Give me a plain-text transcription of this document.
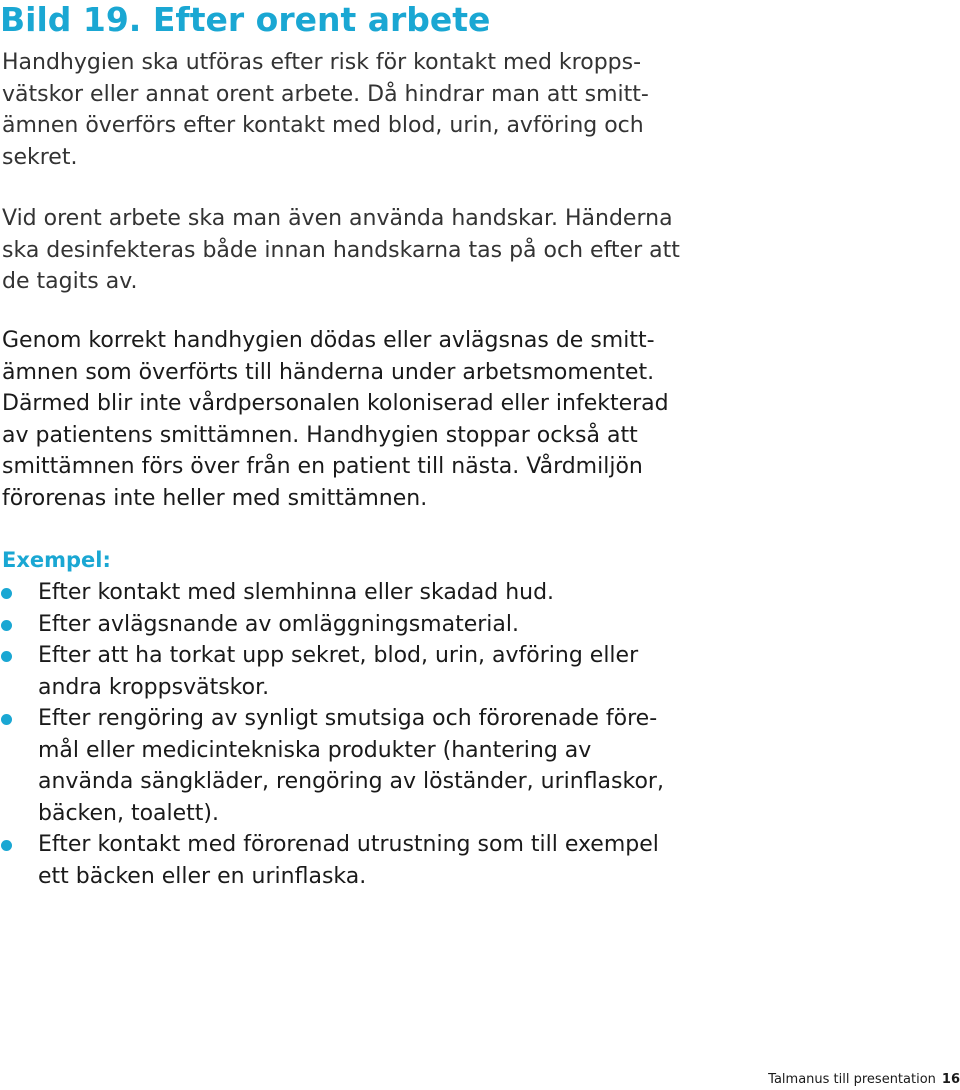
Bild 19. Efter orent arbete

Handhygien ska utföras efter risk för kontakt med kropps-
vätskor eller annat orent arbete. Då hindrar man att smitt-
ämnen överförs efter kontakt med blod, urin, avföring och
sekret.

Vid orent arbete ska man även använda handskar. Händerna
ska desinfekteras både innan handskarna tas på och efter att
de tagits av.

Genom korrekt handhygien dödas eller avlägsnas de smitt-
ämnen som överförts till händerna under arbetsmomentet.
Därmed blir inte vårdpersonalen koloniserad eller infekterad
av patientens smittämnen. Handhygien stoppar också att
smittämnen förs över från en patient till nästa. Vårdmiljön
förorenas inte heller med smittämnen.

Exempel:
Efter kontakt med slemhinna eller skadad hud.
Efter avlägsnande av omläggningsmaterial.
Efter att ha torkat upp sekret, blod, urin, avföring eller
andra kroppsvätskor.
Efter rengöring av synligt smutsiga och förorenade före-
mål eller medicintekniska produkter (hantering av
använda sängkläder, rengöring av löständer, urinflaskor,
bäcken, toalett).
Efter kontakt med förorenad utrustning som till exempel
ett bäcken eller en urinflaska.
Talmanus till presentation 16
